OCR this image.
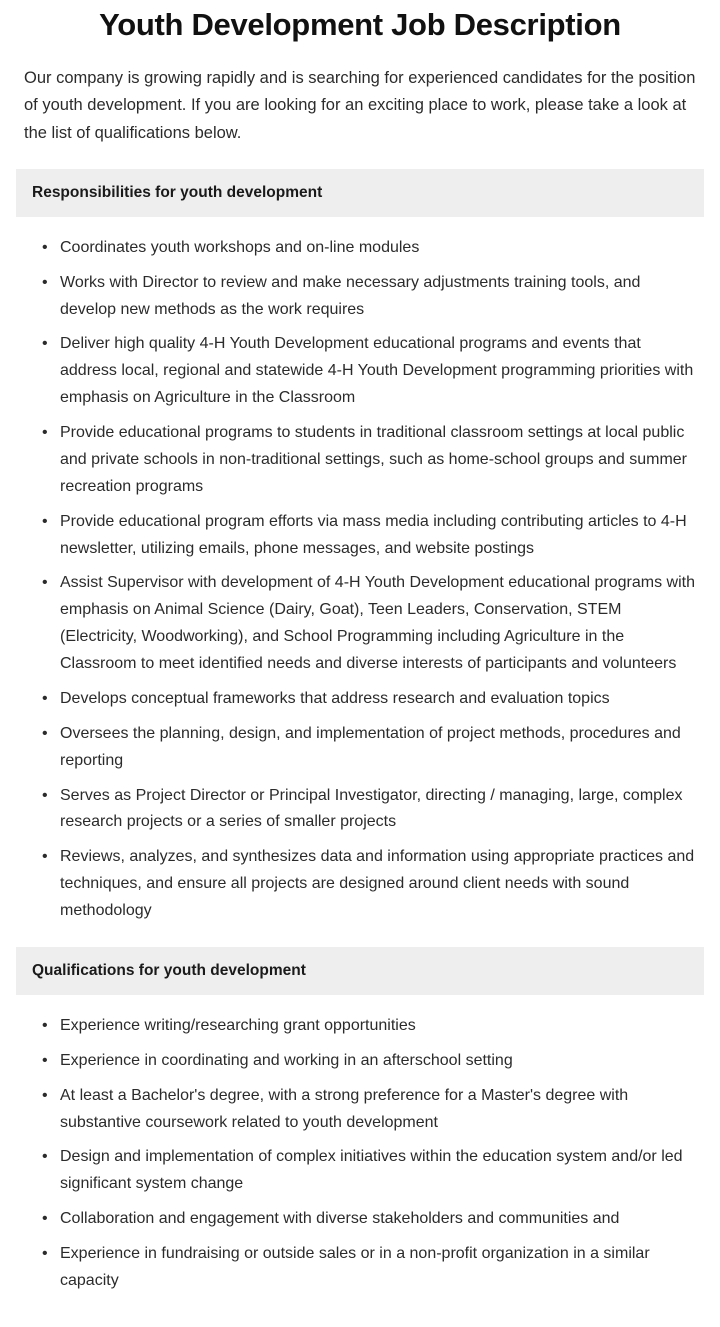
Youth Development Job Description

Our company is growing rapidly and is searching for experienced candidates for the position of youth development. If you are looking for an exciting place to work, please take a look at the list of qualifications below.

Responsibilities for youth development
• Coordinates youth workshops and on-line modules
• Works with Director to review and make necessary adjustments training tools, and develop new methods as the work requires
• Deliver high quality 4-H Youth Development educational programs and events that address local, regional and statewide 4-H Youth Development programming priorities with emphasis on Agriculture in the Classroom
• Provide educational programs to students in traditional classroom settings at local public and private schools in non-traditional settings, such as home-school groups and summer recreation programs
• Provide educational program efforts via mass media including contributing articles to 4-H newsletter, utilizing emails, phone messages, and website postings
• Assist Supervisor with development of 4-H Youth Development educational programs with emphasis on Animal Science (Dairy, Goat), Teen Leaders, Conservation, STEM (Electricity, Woodworking), and School Programming including Agriculture in the Classroom to meet identified needs and diverse interests of participants and volunteers
• Develops conceptual frameworks that address research and evaluation topics
• Oversees the planning, design, and implementation of project methods, procedures and reporting
• Serves as Project Director or Principal Investigator, directing / managing, large, complex research projects or a series of smaller projects
• Reviews, analyzes, and synthesizes data and information using appropriate practices and techniques, and ensure all projects are designed around client needs with sound methodology
Qualifications for youth development
• Experience writing/researching grant opportunities
• Experience in coordinating and working in an afterschool setting
• At least a Bachelor's degree, with a strong preference for a Master's degree with substantive coursework related to youth development
• Design and implementation of complex initiatives within the education system and/or led significant system change
• Collaboration and engagement with diverse stakeholders and communities and
• Experience in fundraising or outside sales or in a non-profit organization in a similar capacity
